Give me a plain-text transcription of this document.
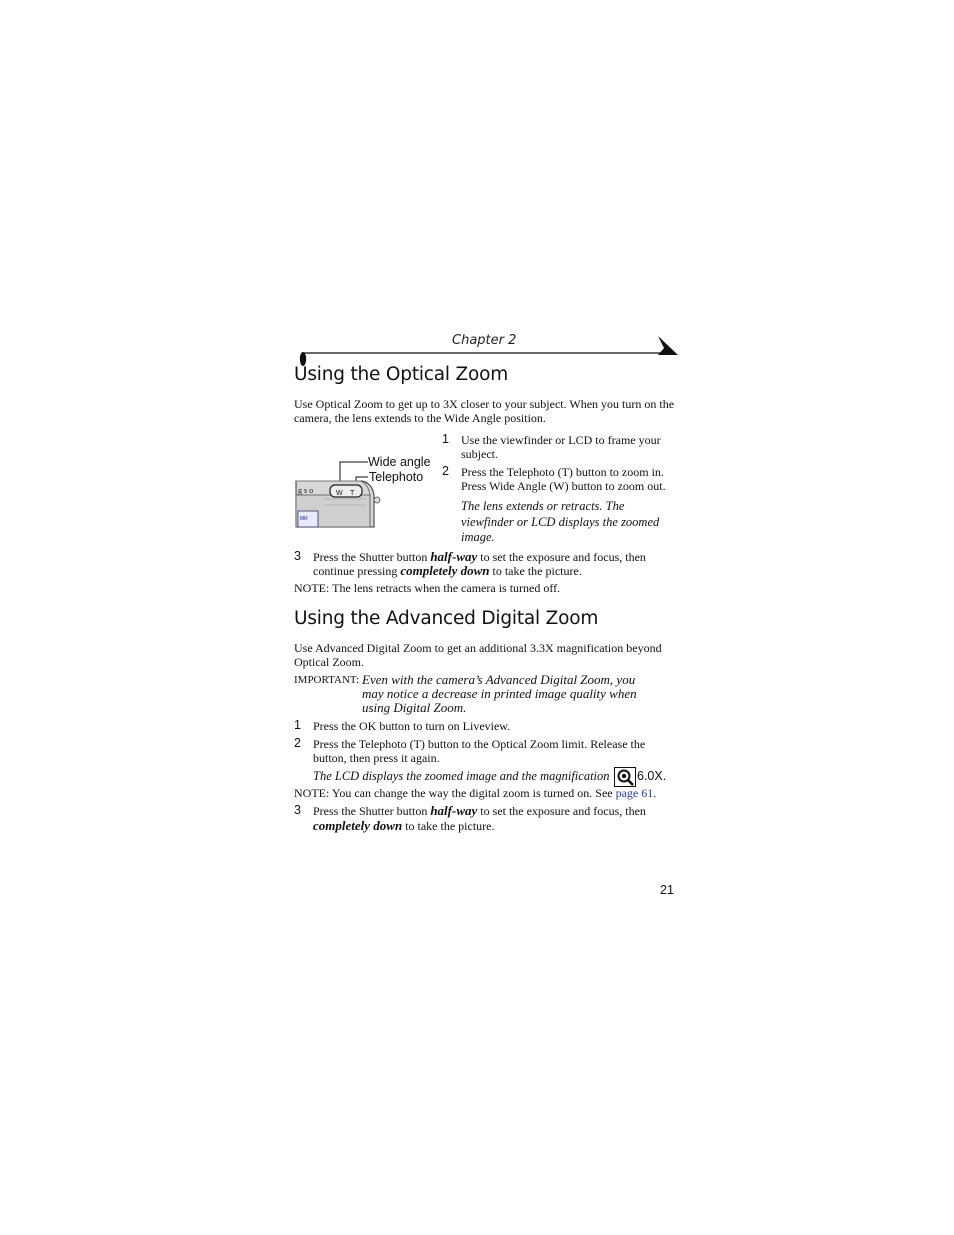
Chapter 2
Using the Optical Zoom
Use Optical Zoom to get up to 3X closer to your subject. When you turn on the
camera, the lens extends to the Wide Angle position.
MR
W T
g s o
Wide angle
Telephoto
1 Use the viewfinder or LCD to frame your
subject.
2 Press the Telephoto (T) button to zoom in.
Press Wide Angle (W) button to zoom out.
The lens extends or retracts. The
viewfinder or LCD displays the zoomed
image.
3 Press the Shutter button half-way to set the exposure and focus, then
continue pressing completely down to take the picture.
NOTE: The lens retracts when the camera is turned off.
Using the Advanced Digital Zoom
Use Advanced Digital Zoom to get an additional 3.3X magnification beyond
Optical Zoom.
IMPORTANT: Even with the camera’s Advanced Digital Zoom, you
may notice a decrease in printed image quality when
using Digital Zoom.
1 Press the OK button to turn on Liveview.
2 Press the Telephoto (T) button to the Optical Zoom limit. Release the
button, then press it again.
The LCD displays the zoomed image and the magnification 6.0X.
NOTE: You can change the way the digital zoom is turned on. See page 61.
3 Press the Shutter button half-way to set the exposure and focus, then
completely down to take the picture.
21
